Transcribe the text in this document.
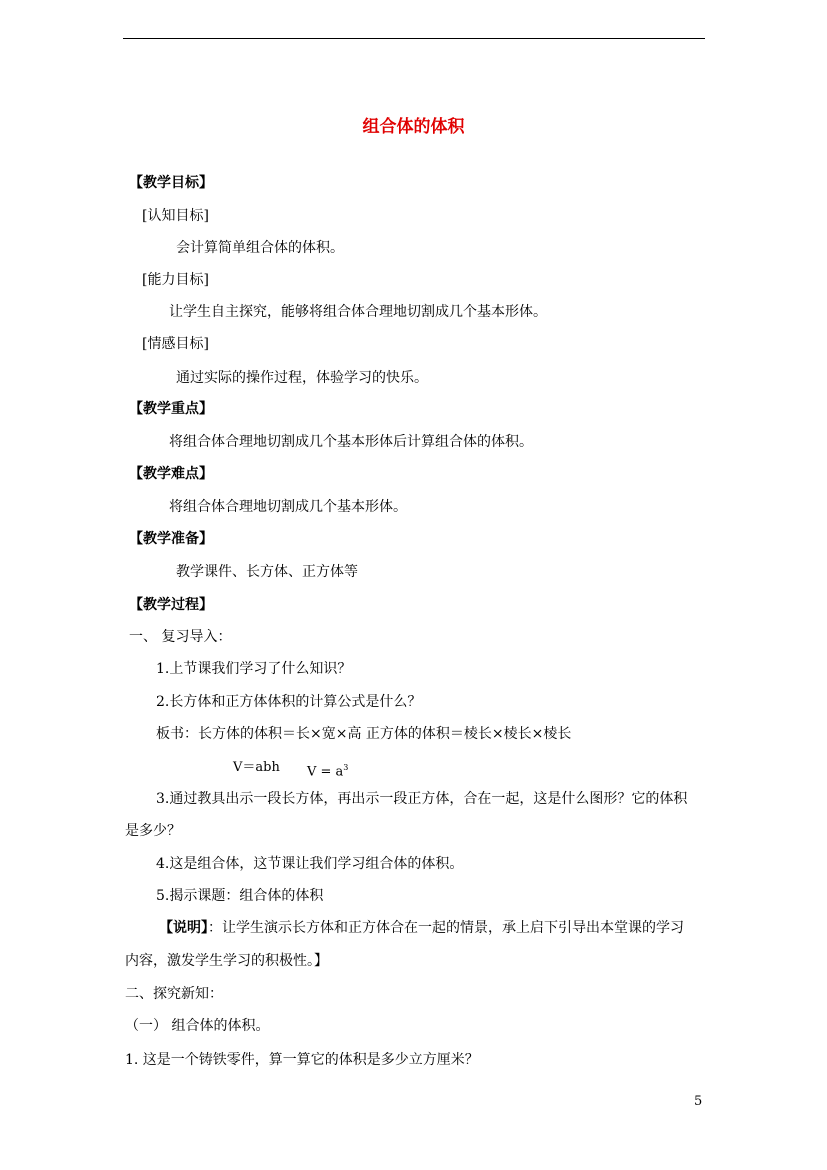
组合体的体积
【教学目标】
[认知目标]
会计算简单组合体的体积。
[能力目标]
让学生自主探究，能够将组合体合理地切割成几个基本形体。
[情感目标]
通过实际的操作过程，体验学习的快乐。
【教学重点】
将组合体合理地切割成几个基本形体后计算组合体的体积。
【教学难点】
将组合体合理地切割成几个基本形体。
【教学准备】
教学课件、长方体、正方体等
【教学过程】
一、 复习导入：
1.上节课我们学习了什么知识？
2.长方体和正方体体积的计算公式是什么？
板书：长方体的体积＝长×宽×高 正方体的体积＝棱长×棱长×棱长
V＝abh $V = a^3$
3.通过教具出示一段长方体，再出示一段正方体，合在一起，这是什么图形？它的体积
是多少？
4.这是组合体，这节课让我们学习组合体的体积。
5.揭示课题：组合体的体积
【说明】：让学生演示长方体和正方体合在一起的情景，承上启下引导出本堂课的学习
内容，激发学生学习的积极性。】
二、探究新知：
（一） 组合体的体积。
1. 这是一个铸铁零件，算一算它的体积是多少立方厘米？
5
